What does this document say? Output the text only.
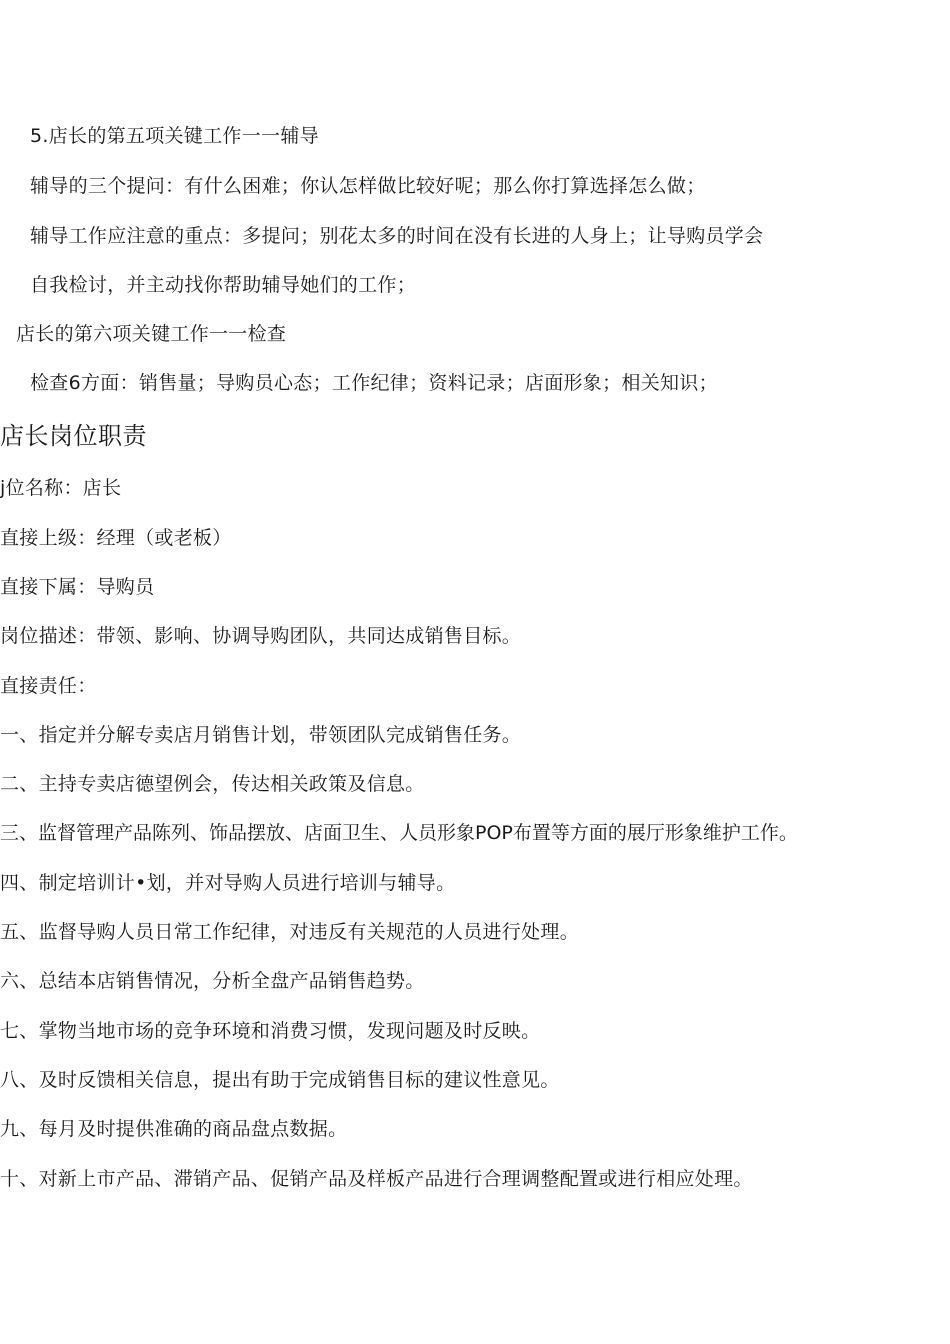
5.店长的第五项关键工作一一辅导
辅导的三个提问：有什么困难；你认怎样做比较好呢；那么你打算选择怎么做；
辅导工作应注意的重点：多提问；别花太多的时间在没有长进的人身上；让导购员学会
自我检讨，并主动找你帮助辅导她们的工作；
店长的第六项关键工作一一检查
检查6方面：销售量；导购员心态；工作纪律；资料记录；店面形象；相关知识；
店长岗位职责
j位名称：店长
直接上级：经理（或老板）
直接下属：导购员
岗位描述：带领、影响、协调导购团队，共同达成销售目标。
直接责任：
一、指定并分解专卖店月销售计划，带领团队完成销售任务。
二、主持专卖店德望例会，传达相关政策及信息。
三、监督管理产品陈列、饰品摆放、店面卫生、人员形象POP布置等方面的展厅形象维护工作。
四、制定培训计•划，并对导购人员进行培训与辅导。
五、监督导购人员日常工作纪律，对违反有关规范的人员进行处理。
六、总结本店销售情况，分析全盘产品销售趋势。
七、掌物当地市场的竞争环境和消费习惯，发现问题及时反映。
八、及时反馈相关信息，提出有助于完成销售目标的建议性意见。
九、每月及时提供准确的商品盘点数据。
十、对新上市产品、滞销产品、促销产品及样板产品进行合理调整配置或进行相应处理。
